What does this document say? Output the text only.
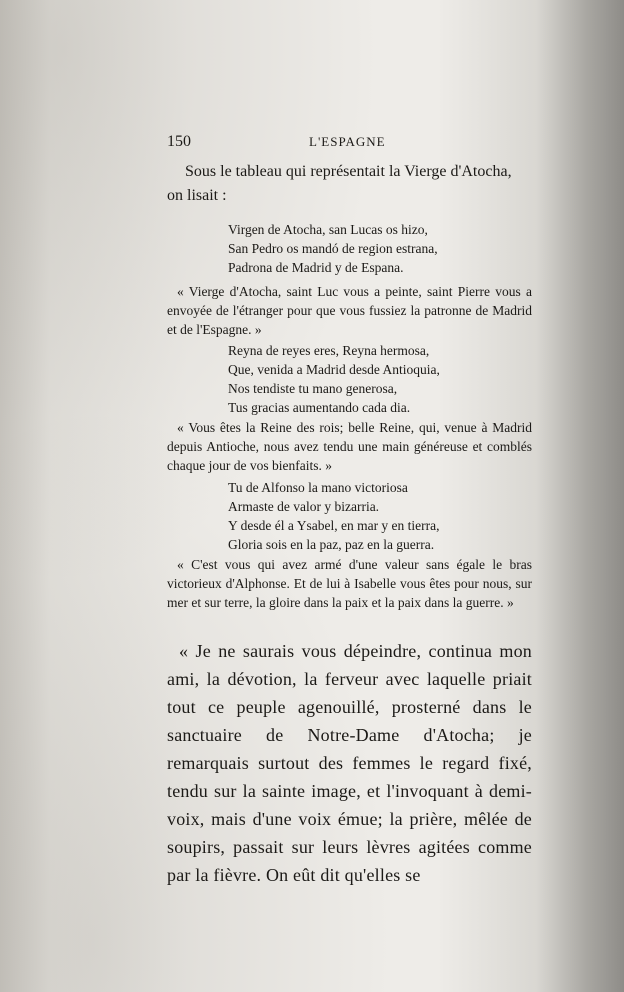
150	L'ESPAGNE
Sous le tableau qui représentait la Vierge d'Atocha,
on lisait :
Virgen de Atocha, san Lucas os hizo,
San Pedro os mandó de region estrana,
Padrona de Madrid y de Espana.

« Vierge d'Atocha, saint Luc vous a peinte, saint Pierre vous a envoyée de l'étranger pour que vous fussiez la patronne de Madrid et de l'Espagne. »

Reyna de reyes eres, Reyna hermosa,
Que, venida a Madrid desde Antioquia,
Nos tendiste tu mano generosa,
Tus gracias aumentando cada dia.

« Vous êtes la Reine des rois; belle Reine, qui, venue à Madrid depuis Antioche, nous avez tendu une main généreuse et comblés chaque jour de vos bienfaits. »

Tu de Alfonso la mano victoriosa
Armaste de valor y bizarria.
Y desde él a Ysabel, en mar y en tierra,
Gloria sois en la paz, paz en la guerra.

« C'est vous qui avez armé d'une valeur sans égale le bras victorieux d'Alphonse. Et de lui à Isabelle vous êtes pour nous, sur mer et sur terre, la gloire dans la paix et la paix dans la guerre. »

« Je ne saurais vous dépeindre, continua mon ami, la dévotion, la ferveur avec laquelle priait tout ce peuple agenouillé, prosterné dans le sanctuaire de Notre-Dame d'Atocha; je remarquais surtout des femmes le regard fixé, tendu sur la sainte image, et l'invoquant à demi-voix, mais d'une voix émue; la prière, mêlée de soupirs, passait sur leurs lèvres agitées comme par la fièvre. On eût dit qu'elles se
